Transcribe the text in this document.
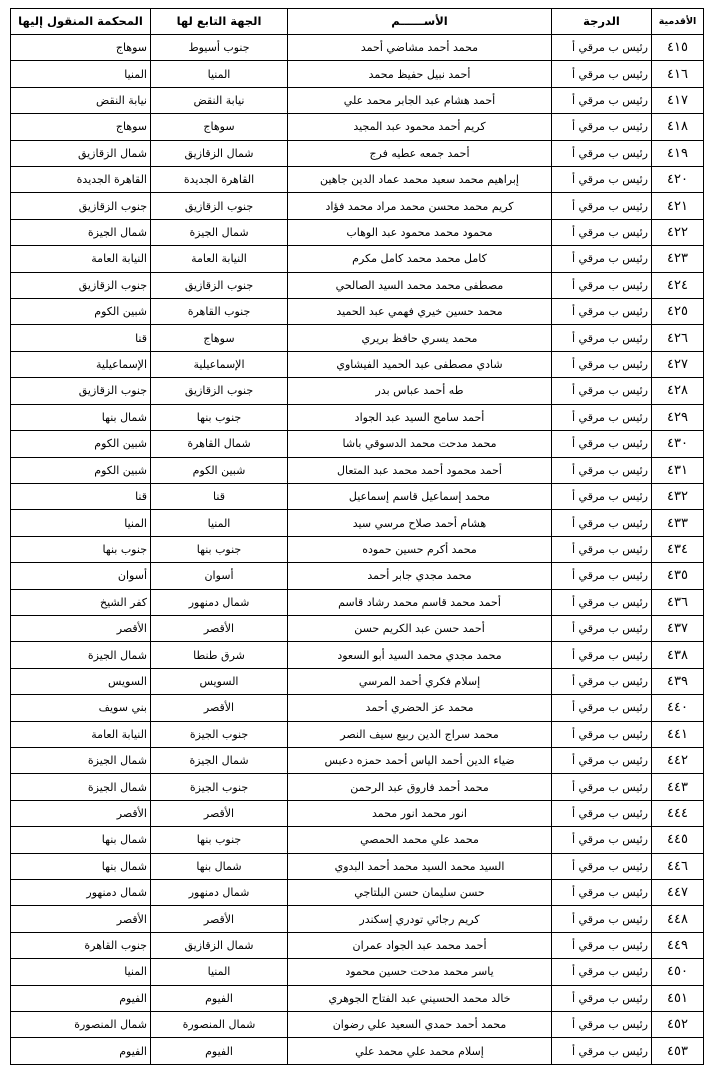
الأقدمية	الدرجة	الأســــــم	الجهة التابع لها	المحكمة المنقول إليها
٤١٥	رئيس ب مرقي أ	محمد أحمد مشاضي أحمد	جنوب أسيوط	سوهاج
٤١٦	رئيس ب مرقي أ	أحمد نبيل حفيظ محمد	المنيا	المنيا
٤١٧	رئيس ب مرقي أ	أحمد هشام عبد الجابر محمد علي	نيابة النقض	نيابة النقض
٤١٨	رئيس ب مرقي أ	كريم أحمد محمود عبد المجيد	سوهاج	سوهاج
٤١٩	رئيس ب مرقي أ	أحمد جمعه عطيه فرج	شمال الزقازيق	شمال الزقازيق
٤٢٠	رئيس ب مرقي أ	إبراهيم محمد سعيد محمد عماد الدين جاهين	القاهرة الجديدة	القاهرة الجديدة
٤٢١	رئيس ب مرقي أ	كريم محمد محسن محمد مراد محمد فؤاد	جنوب الزقازيق	جنوب الزقازيق
٤٢٢	رئيس ب مرقي أ	محمود محمد محمود عبد الوهاب	شمال الجيزة	شمال الجيزة
٤٢٣	رئيس ب مرقي أ	كامل محمد محمد كامل مكرم	النيابة العامة	النيابة العامة
٤٢٤	رئيس ب مرقي أ	مصطفى محمد محمد السيد الصالحي	جنوب الزقازيق	جنوب الزقازيق
٤٢٥	رئيس ب مرقي أ	محمد حسين خيري فهمي عبد الحميد	جنوب القاهرة	شبين الكوم
٤٢٦	رئيس ب مرقي أ	محمد يسري حافظ بريري	سوهاج	قنا
٤٢٧	رئيس ب مرقي أ	شادي مصطفى عبد الحميد الفيشاوي	الإسماعيلية	الإسماعيلية
٤٢٨	رئيس ب مرقي أ	طه أحمد عباس بدر	جنوب الزقازيق	جنوب الزقازيق
٤٢٩	رئيس ب مرقي أ	أحمد سامح السيد عبد الجواد	جنوب بنها	شمال بنها
٤٣٠	رئيس ب مرقي أ	محمد مدحت محمد الدسوقي باشا	شمال القاهرة	شبين الكوم
٤٣١	رئيس ب مرقي أ	أحمد محمود أحمد محمد عبد المتعال	شبين الكوم	شبين الكوم
٤٣٢	رئيس ب مرقي أ	محمد إسماعيل قاسم إسماعيل	قنا	قنا
٤٣٣	رئيس ب مرقي أ	هشام أحمد صلاح مرسي سيد	المنيا	المنيا
٤٣٤	رئيس ب مرقي أ	محمد أكرم حسين حموده	جنوب بنها	جنوب بنها
٤٣٥	رئيس ب مرقي أ	محمد مجدي جابر أحمد	أسوان	أسوان
٤٣٦	رئيس ب مرقي أ	أحمد محمد قاسم محمد رشاد قاسم	شمال دمنهور	كفر الشيخ
٤٣٧	رئيس ب مرقي أ	أحمد حسن عبد الكريم حسن	الأقصر	الأقصر
٤٣٨	رئيس ب مرقي أ	محمد مجدي محمد السيد أبو السعود	شرق طنطا	شمال الجيزة
٤٣٩	رئيس ب مرقي أ	إسلام فكري أحمد المرسي	السويس	السويس
٤٤٠	رئيس ب مرقي أ	محمد عز الحضري أحمد	الأقصر	بني سويف
٤٤١	رئيس ب مرقي أ	محمد سراج الدين ربيع سيف النصر	جنوب الجيزة	النيابة العامة
٤٤٢	رئيس ب مرقي أ	ضياء الدين أحمد الياس أحمد حمزه دعبس	شمال الجيزة	شمال الجيزة
٤٤٣	رئيس ب مرقي أ	محمد أحمد فاروق عبد الرحمن	جنوب الجيزة	شمال الجيزة
٤٤٤	رئيس ب مرقي أ	انور محمد انور محمد	الأقصر	الأقصر
٤٤٥	رئيس ب مرقي أ	محمد علي محمد الحمصي	جنوب بنها	شمال بنها
٤٤٦	رئيس ب مرقي أ	السيد محمد السيد محمد أحمد البدوي	شمال بنها	شمال بنها
٤٤٧	رئيس ب مرقي أ	حسن سليمان حسن البلتاجي	شمال دمنهور	شمال دمنهور
٤٤٨	رئيس ب مرقي أ	كريم رجائي تودري إسكندر	الأقصر	الأقصر
٤٤٩	رئيس ب مرقي أ	أحمد محمد عبد الجواد عمران	شمال الزقازيق	جنوب القاهرة
٤٥٠	رئيس ب مرقي أ	ياسر محمد مدحت حسين محمود	المنيا	المنيا
٤٥١	رئيس ب مرقي أ	خالد محمد الحسيني عبد الفتاح الجوهري	الفيوم	الفيوم
٤٥٢	رئيس ب مرقي أ	محمد أحمد حمدي السعيد علي رضوان	شمال المنصورة	شمال المنصورة
٤٥٣	رئيس ب مرقي أ	إسلام محمد علي محمد علي	الفيوم	الفيوم
